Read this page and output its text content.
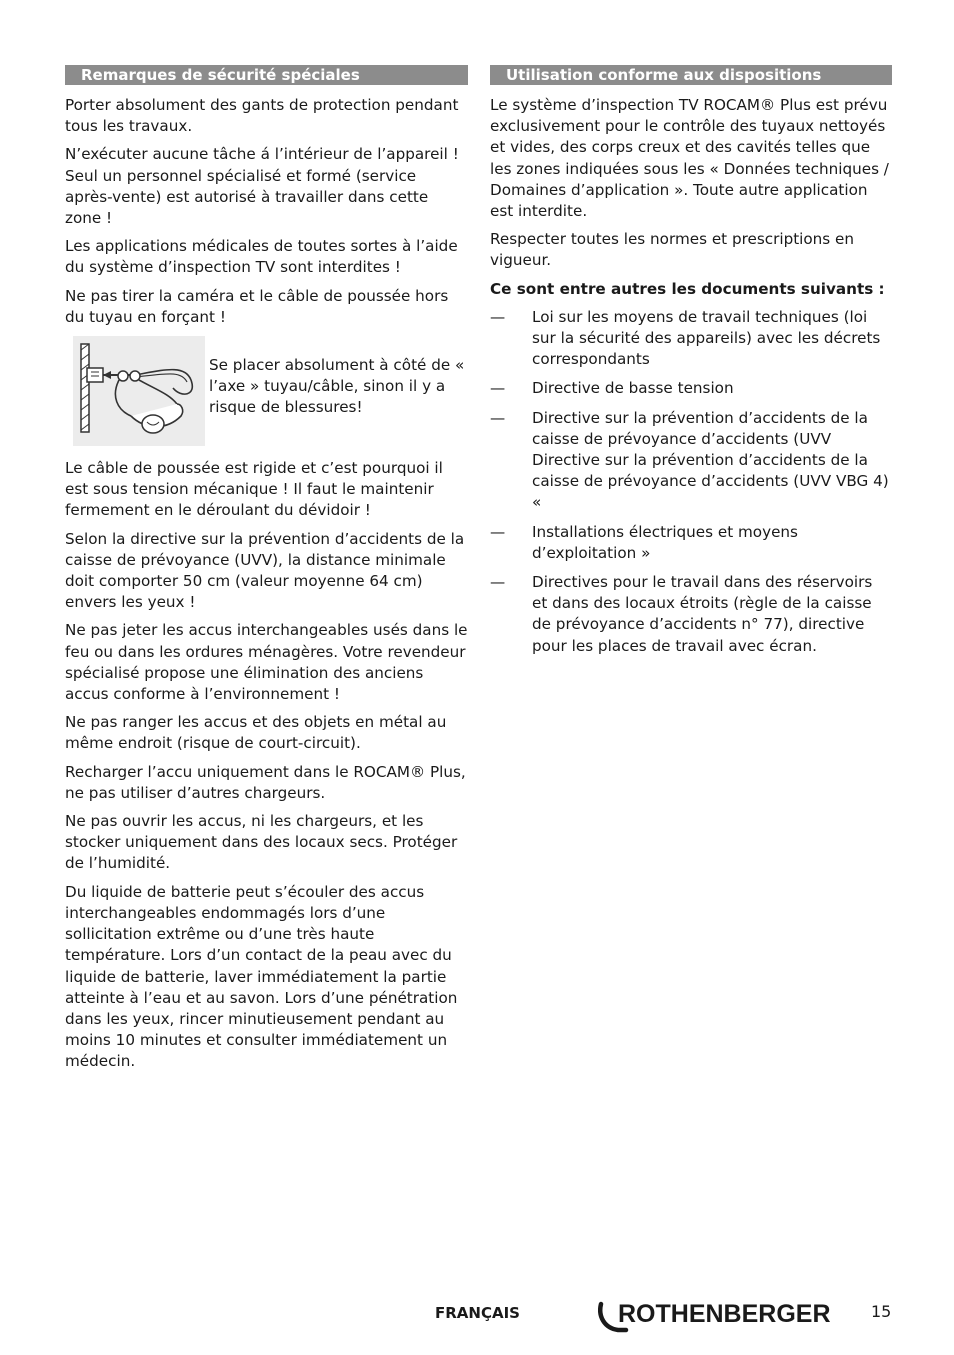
Remarques de sécurité spéciales

Porter absolument des gants de protection pendant tous les travaux.

N’exécuter aucune tâche á l’intérieur de l’appareil ! Seul un personnel spécialisé et formé (service après-vente) est autorisé à travailler dans cette zone !

Les applications médicales de toutes sortes à l’aide du système d’inspection TV sont interdites !

Ne pas tirer la caméra et le câble de poussée hors du tuyau en forçant !

Se placer absolument à côté de « l’axe » tuyau/câble, sinon il y a risque de blessures!

Le câble de poussée est rigide et c’est pourquoi il est sous tension mécanique ! Il faut le maintenir fermement en le déroulant du dévidoir !

Selon la directive sur la prévention d’accidents de la caisse de prévoyance (UVV), la distance minimale doit comporter 50 cm (valeur moyenne 64 cm) envers les yeux !

Ne pas jeter les accus interchangeables usés dans le feu ou dans les ordures ménagères. Votre revendeur spécialisé propose une élimination des anciens accus conforme à l’environnement !

Ne pas ranger les accus et des objets en métal au même endroit (risque de court-circuit).

Recharger l’accu uniquement dans le ROCAM® Plus, ne pas utiliser d’autres chargeurs.

Ne pas ouvrir les accus, ni les chargeurs, et les stocker uniquement dans des locaux secs. Protéger de l’humidité.

Du liquide de batterie peut s’écouler des accus interchangeables endommagés lors d’une sollicitation extrême ou d’une très haute température. Lors d’un contact de la peau avec du liquide de batterie, laver immédiatement la partie atteinte à l’eau et au savon. Lors d’une pénétration dans les yeux, rincer minutieusement pendant au moins 10 minutes et consulter immédiatement un médecin.

Utilisation conforme aux dispositions

Le système d’inspection TV ROCAM® Plus est prévu exclusivement pour le contrôle des tuyaux nettoyés et vides, des corps creux et des cavités telles que les zones indiquées sous les « Données techniques / Domaines d’application ». Toute autre application est interdite.

Respecter toutes les normes et prescriptions en vigueur.

Ce sont entre autres les documents suivants :

—	Loi sur les moyens de travail techniques (loi sur la sécurité des appareils) avec les décrets correspondants
—	Directive de basse tension
—	Directive sur la prévention d’accidents de la caisse de prévoyance d’accidents (UVV Directive sur la prévention d’accidents de la caisse de prévoyance d’accidents (UVV VBG 4) «
—	Installations électriques et moyens d’exploitation »
—	Directives pour le travail dans des réservoirs et dans des locaux étroits (règle de la caisse de prévoyance d’accidents n° 77), directive pour les places de travail avec écran.
FRANÇAIS	ROTHENBERGER	15
